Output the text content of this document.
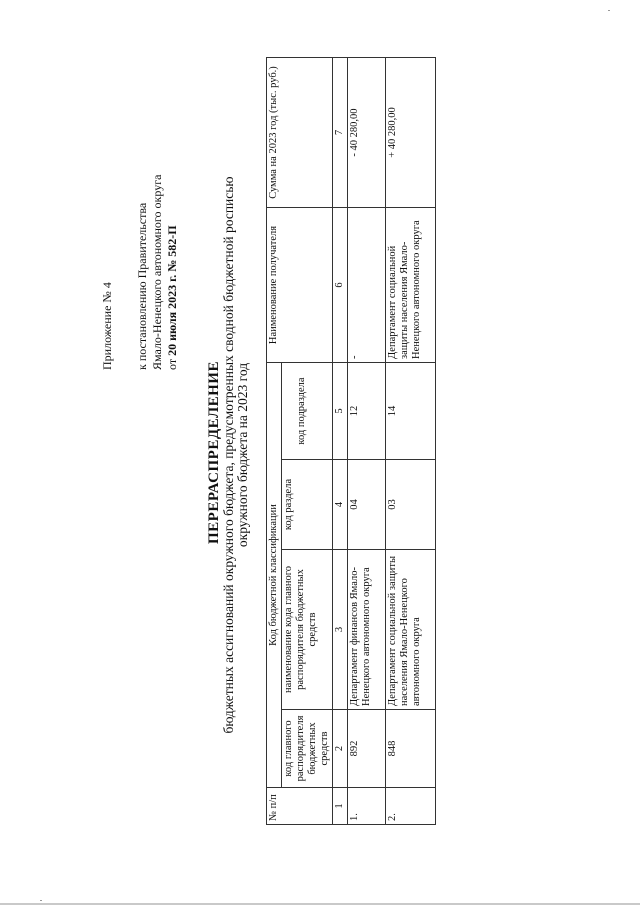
Приложение № 4 к постановлению Правительства Ямало-Ненецкого автономного округа от 20 июля 2023 г. № 582-П
ПЕРЕРАСПРЕДЕЛЕНИЕ бюджетных ассигнований окружного бюджета, предусмотренных сводной бюджетной росписью окружного бюджета на 2023 год
№ п/п	Код бюджетной классификации				Наименование получателя	Сумма на 2023 год (тыс. руб.)
	код главного распорядителя бюджетных средств	наименование кода главного распорядителя бюджетных средств	код раздела	код подраздела		
1	2	3	4	5	6	7
1.	892	Департамент финансов Ямало-Ненецкого автономного округа	04	12	-	- 40 280,00
2.	848	Департамент социальной защиты населения Ямало-Ненецкого автономного округа	03	14	Департамент социальной защиты населения Ямало-Ненецкого автономного округа	+ 40 280,00
